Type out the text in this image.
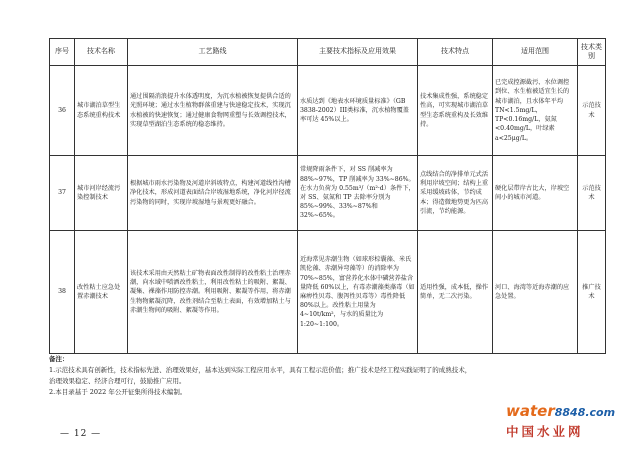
序号	技术名称	工艺路线	主要技术指标及应用效果	技术特点	适用范围	技术类别
36	城市湖泊草型生态系统重构技术	通过围隔消浪提升水体透明度，为沉水植被恢复提供合适的光照环境；通过水生植物群落重建与快速稳定技术，实现沉水植被的快速恢复；通过健康食物网重塑与长效调控技术，实现草型湖泊生态系统的稳态维持。	水质达到《地表水环境质量标准》（GB 3838-2002）III类标准，沉水植物覆盖率可达 45%以上。	技术集成性强，系统稳定性高，可实现城市湖泊草型生态系统重构及长效维持。	已完成控源截污、水位调控到位、水生植被适宜生长的城市湖泊，且水体年平均TN<1.5mg/L，TP<0.16mg/L，氨氮<0.40mg/L，叶绿素 a<25μg/L。	示范技术
37	城市河岸经流污染控制技术	根据城市雨水污染物及河道岸斜坡特点，构建河道线性沟槽净化技术，形成河道表面结合岸坡湿地系统，净化河岸径流污染物的同时，实现岸坡湿地与景观更好融合。	常规降雨条件下，对 SS 削减率为 88%~97%，TP 削减率为 33%~86%。在水力负荷为 0.55m³/（m²·d）条件下，对 SS、氨氮和 TP 去除率分别为 85%~99%、33%~87%和 32%~65%。	点线结合的净排单元式活利用岸坡空间；结构上重采用缓坡砖体，节约成本；得造微地势更为匹高引流，节约能源。	硬化层带岸古比大，岸坡空间小的城市河道。	示范技术
38	改性粘土应急处置赤潮技术	该技术采用由天然粘土矿物表面改性制得的改性粘土治理赤潮，向水域中喷洒改性粘土，利用改性粘土的吸附、絮凝、凝集、裸藻作用防控赤潮。利用吸附、絮凝等作用，将赤潮生物物絮凝沉降，改性剂结合至粘土表面，有效增加粘土与赤潮生物间的吸附、絮凝等作用。	近海常见赤潮生物（如球形棕囊藻、米氏凯伦藻、赤潮异弯藻等）的消除率为 70%~85%，富营养化水体中磷营养盐含量降低 60%以上，有毒赤潮藻类藻毒（如麻痹性贝毒、腹泻性贝毒等）毒性降低 80%以上。改性粘土用量为 4~10t/km²，与水的质量比为 1:20~1:100。	适用性强，成本低，操作简单，无二次污染。	河口、海湾等近海赤潮的应急处置。	推广技术
备注：
1.示范技术具有创新性，技术指标先进、治理效果好，基本达到实际工程应用水平，具有工程示范价值；推广技术是经工程实践证明了的成熟技术，
治理效果稳定、经济合理可行，鼓励推广应用。
2.本目录基于 2022 年公开征集所得技术编制。
— 12 —
water8848.com
中国水业网
